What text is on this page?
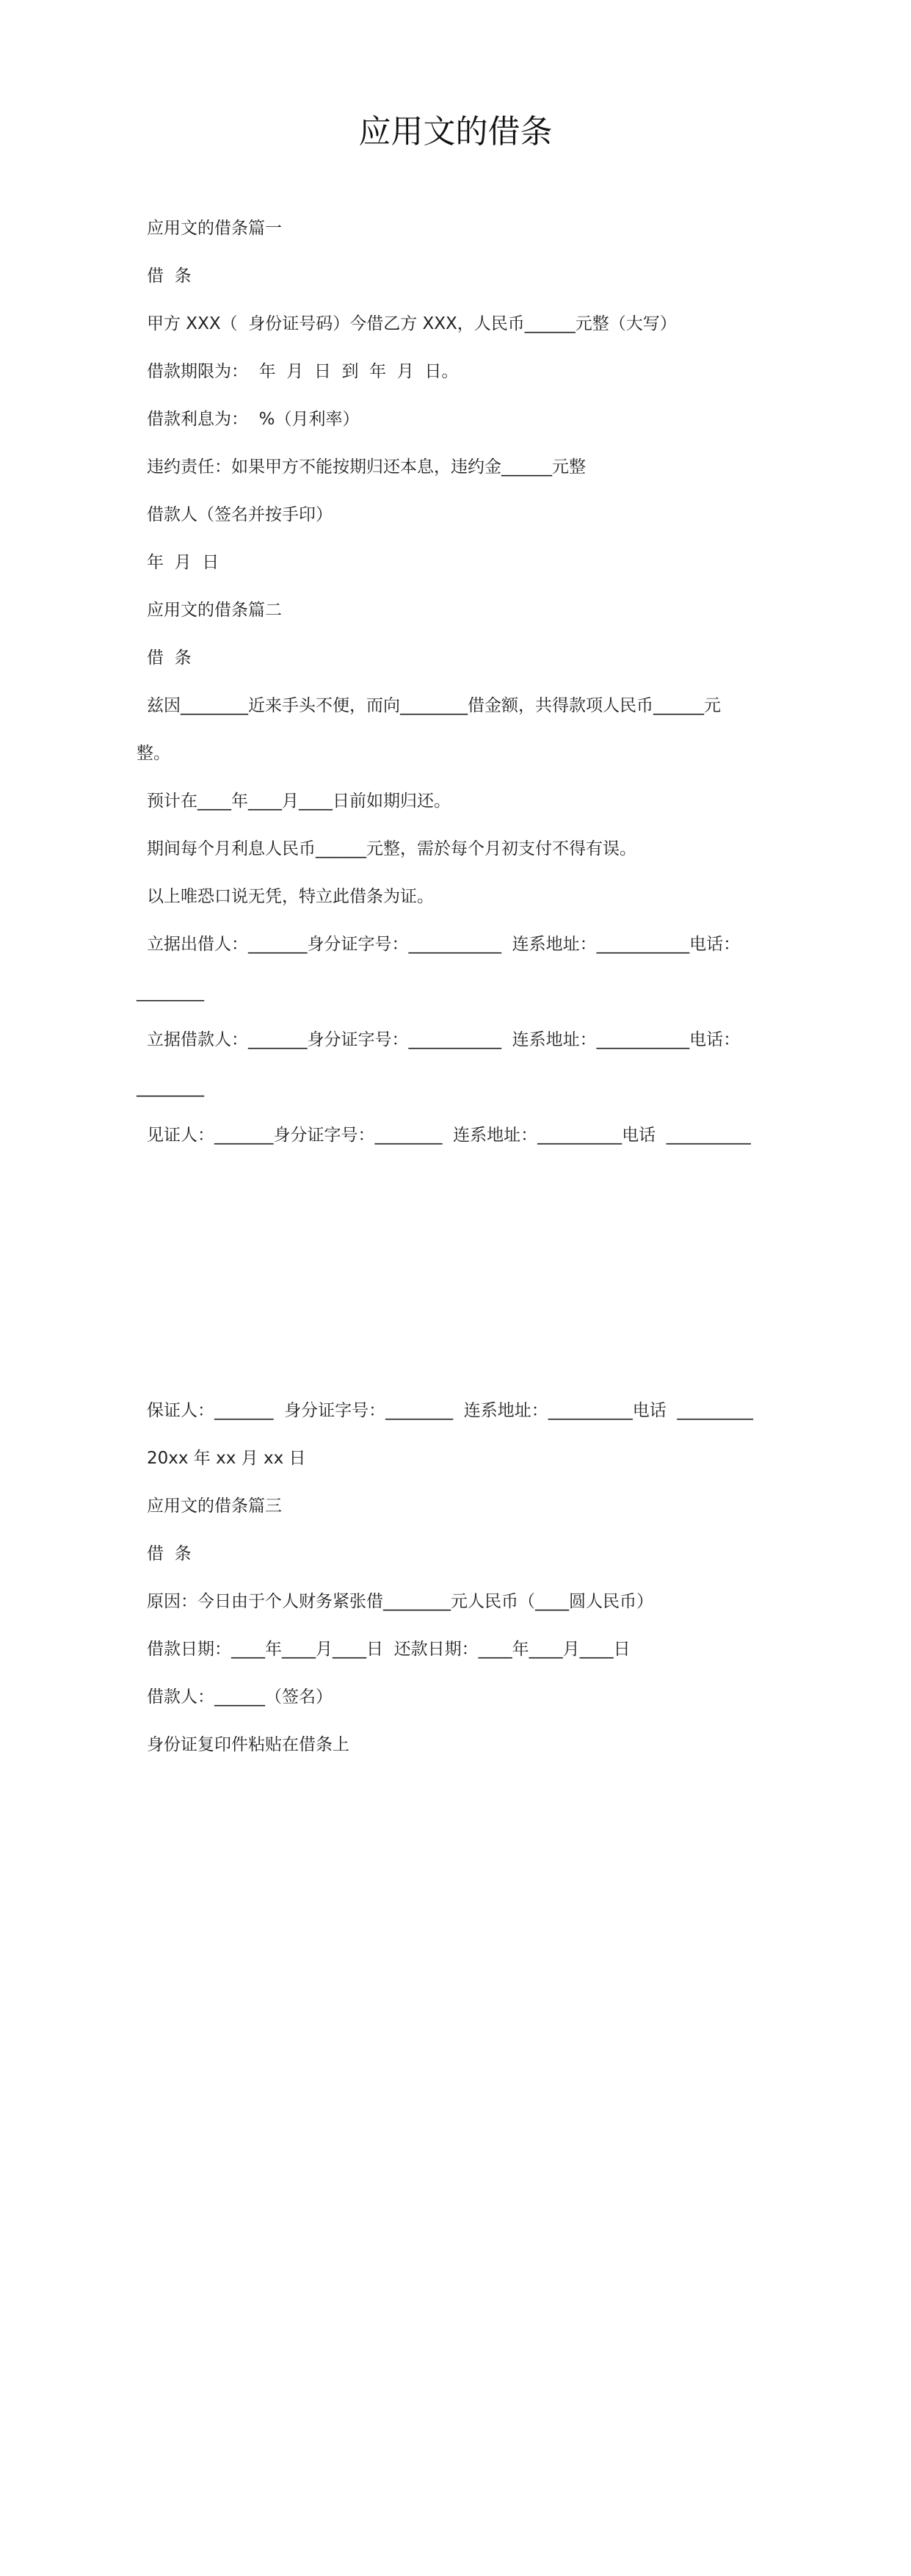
应用文的借条
应用文的借条篇一
借  条
甲方 XXX（  身份证号码）今借乙方 XXX，人民币______元整（大写）
借款期限为：  年  月  日  到  年  月  日。
借款利息为：  %（月利率）
违约责任：如果甲方不能按期归还本息，违约金______元整
借款人（签名并按手印）
年  月  日
应用文的借条篇二
借  条
兹因________近来手头不便，而向________借金额，共得款项人民币______元
整。
预计在____年____月____日前如期归还。
期间每个月利息人民币______元整，需於每个月初支付不得有误。
以上唯恐口说无凭，特立此借条为证。
立据出借人：_______身分证字号：___________  连系地址：___________电话：
________
立据借款人：_______身分证字号：___________  连系地址：___________电话：
________
见证人：_______身分证字号：________  连系地址：__________电话  __________
保证人：_______  身分证字号：________  连系地址：__________电话  _________
20xx 年 xx 月 xx 日
应用文的借条篇三
借  条
原因：今日由于个人财务紧张借________元人民币（____圆人民币）
借款日期：____年____月____日  还款日期：____年____月____日
借款人：______（签名）
身份证复印件粘贴在借条上
